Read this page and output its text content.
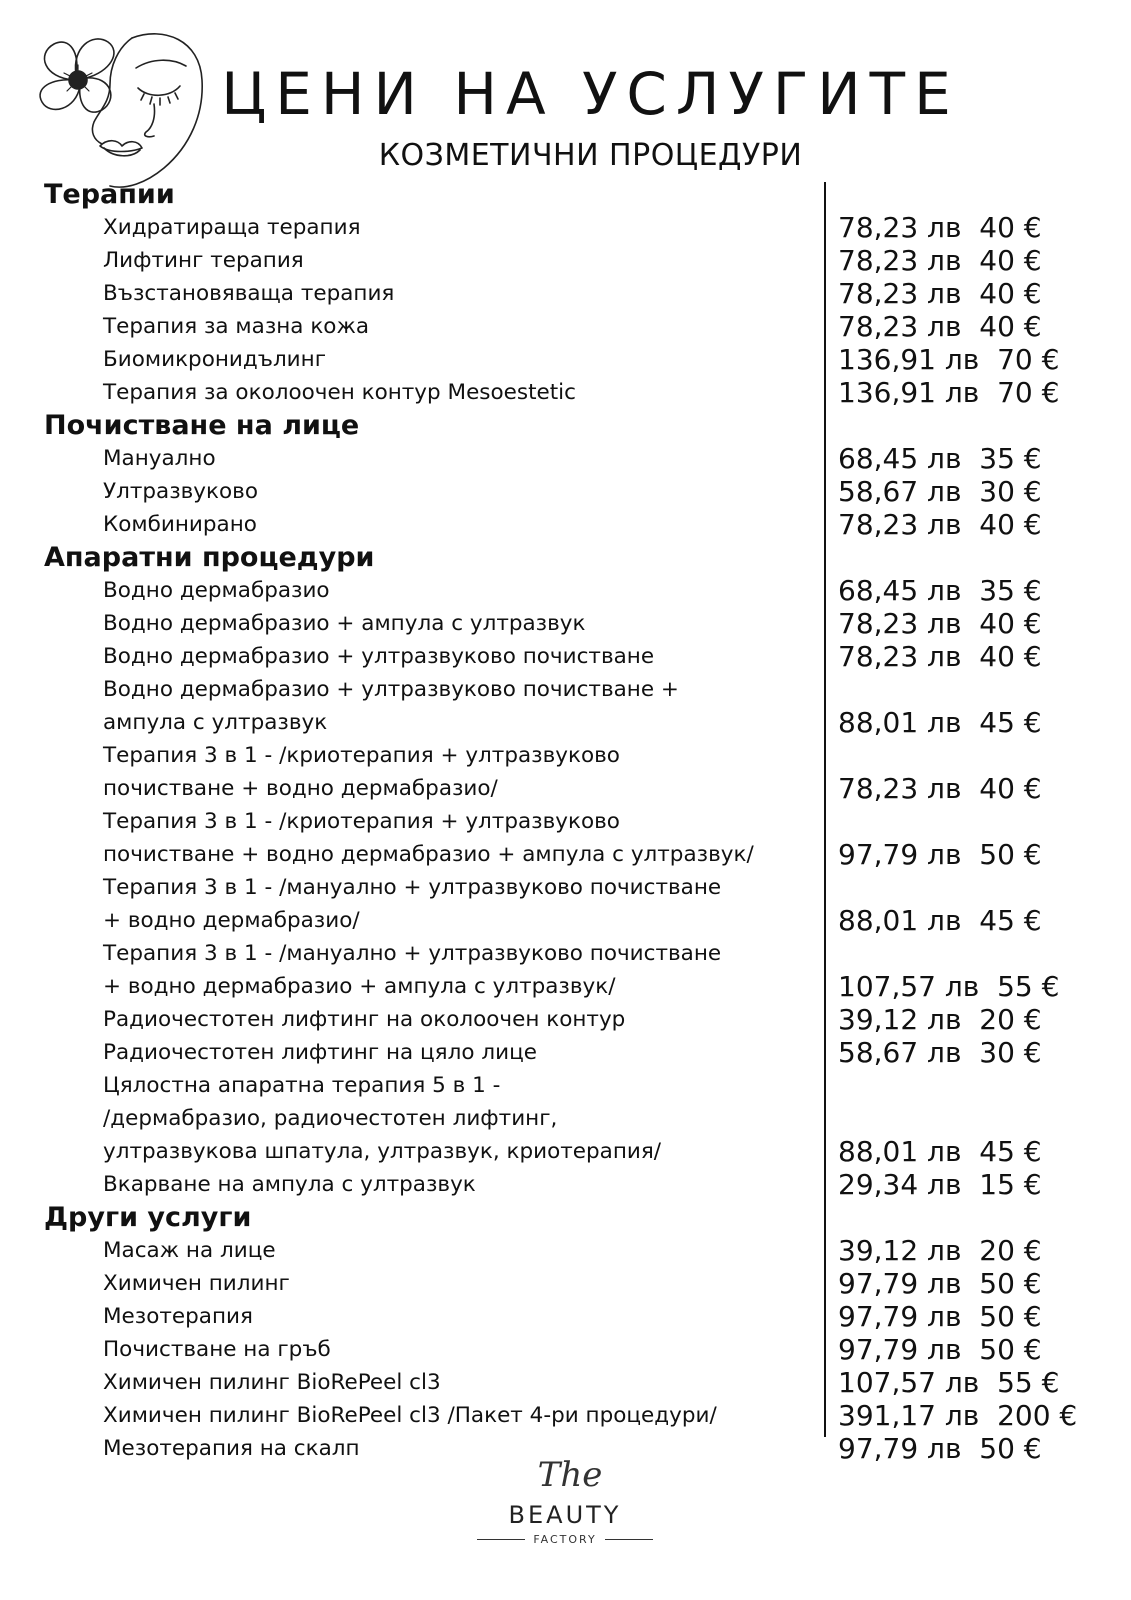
ЦЕНИ НА УСЛУГИТЕ
КОЗМЕТИЧНИ ПРОЦЕДУРИ
Терапии
Хидратираща терапия	78,23 лв  40 €
Лифтинг терапия	78,23 лв  40 €
Възстановяваща терапия	78,23 лв  40 €
Терапия за мазна кожа	78,23 лв  40 €
Биомикронидълинг	136,91 лв  70 €
Терапия за околоочен контур Mesoestetic	136,91 лв  70 €
Почистване на лице
Мануално	68,45 лв  35 €
Ултразвуково	58,67 лв  30 €
Комбинирано	78,23 лв  40 €
Апаратни процедури
Водно дермабразио	68,45 лв  35 €
Водно дермабразио + ампула с ултразвук	78,23 лв  40 €
Водно дермабразио + ултразвуково почистване	78,23 лв  40 €
Водно дермабразио + ултразвуково почистване +
ампула с ултразвук	88,01 лв  45 €
Терапия 3 в 1 - /криотерапия + ултразвуково
почистване + водно дермабразио/	78,23 лв  40 €
Терапия 3 в 1 - /криотерапия + ултразвуково
почистване + водно дермабразио + ампула с ултразвук/	97,79 лв  50 €
Терапия 3 в 1 - /мануално + ултразвуково почистване
+ водно дермабразио/	88,01 лв  45 €
Терапия 3 в 1 - /мануално + ултразвуково почистване
+ водно дермабразио + ампула с ултразвук/	107,57 лв  55 €
Радиочестотен лифтинг на околоочен контур	39,12 лв  20 €
Радиочестотен лифтинг на цяло лице	58,67 лв  30 €
Цялостна апаратна терапия 5 в 1 -
/дермабразио, радиочестотен лифтинг,
ултразвукова шпатула, ултразвук, криотерапия/	88,01 лв  45 €
Вкарване на ампула с ултразвук	29,34 лв  15 €
Други услуги
Масаж на лице	39,12 лв  20 €
Химичен пилинг	97,79 лв  50 €
Мезотерапия	97,79 лв  50 €
Почистване на гръб	97,79 лв  50 €
Химичен пилинг BioRePeel cl3	107,57 лв  55 €
Химичен пилинг BioRePeel cl3 /Пакет 4-ри процедури/	391,17 лв  200 €
Мезотерапия на скалп	97,79 лв  50 €
The
BEAUTY
FACTORY
